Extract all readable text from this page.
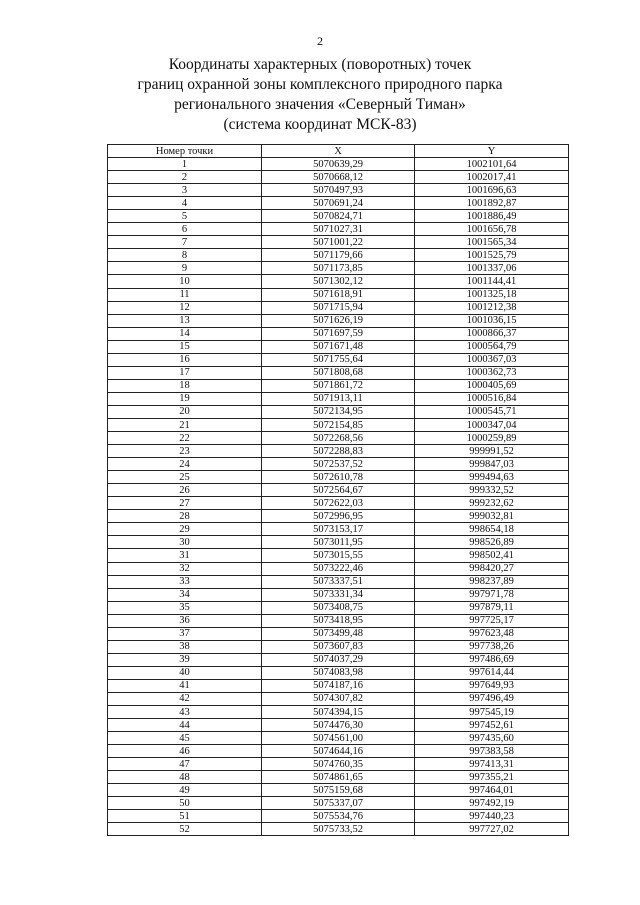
2
Координаты характерных (поворотных) точек
границ охранной зоны комплексного природного парка
регионального значения «Северный Тиман»
(система координат МСК-83)
Номер точки	X	Y
1	5070639,29	1002101,64
2	5070668,12	1002017,41
3	5070497,93	1001696,63
4	5070691,24	1001892,87
5	5070824,71	1001886,49
6	5071027,31	1001656,78
7	5071001,22	1001565,34
8	5071179,66	1001525,79
9	5071173,85	1001337,06
10	5071302,12	1001144,41
11	5071618,91	1001325,18
12	5071715,94	1001212,38
13	5071626,19	1001036,15
14	5071697,59	1000866,37
15	5071671,48	1000564,79
16	5071755,64	1000367,03
17	5071808,68	1000362,73
18	5071861,72	1000405,69
19	5071913,11	1000516,84
20	5072134,95	1000545,71
21	5072154,85	1000347,04
22	5072268,56	1000259,89
23	5072288,83	999991,52
24	5072537,52	999847,03
25	5072610,78	999494,63
26	5072564,67	999332,52
27	5072622,03	999232,62
28	5072996,95	999032,81
29	5073153,17	998654,18
30	5073011,95	998526,89
31	5073015,55	998502,41
32	5073222,46	998420,27
33	5073337,51	998237,89
34	5073331,34	997971,78
35	5073408,75	997879,11
36	5073418,95	997725,17
37	5073499,48	997623,48
38	5073607,83	997738,26
39	5074037,29	997486,69
40	5074083,98	997614,44
41	5074187,16	997649,93
42	5074307,82	997496,49
43	5074394,15	997545,19
44	5074476,30	997452,61
45	5074561,00	997435,60
46	5074644,16	997383,58
47	5074760,35	997413,31
48	5074861,65	997355,21
49	5075159,68	997464,01
50	5075337,07	997492,19
51	5075534,76	997440,23
52	5075733,52	997727,02
